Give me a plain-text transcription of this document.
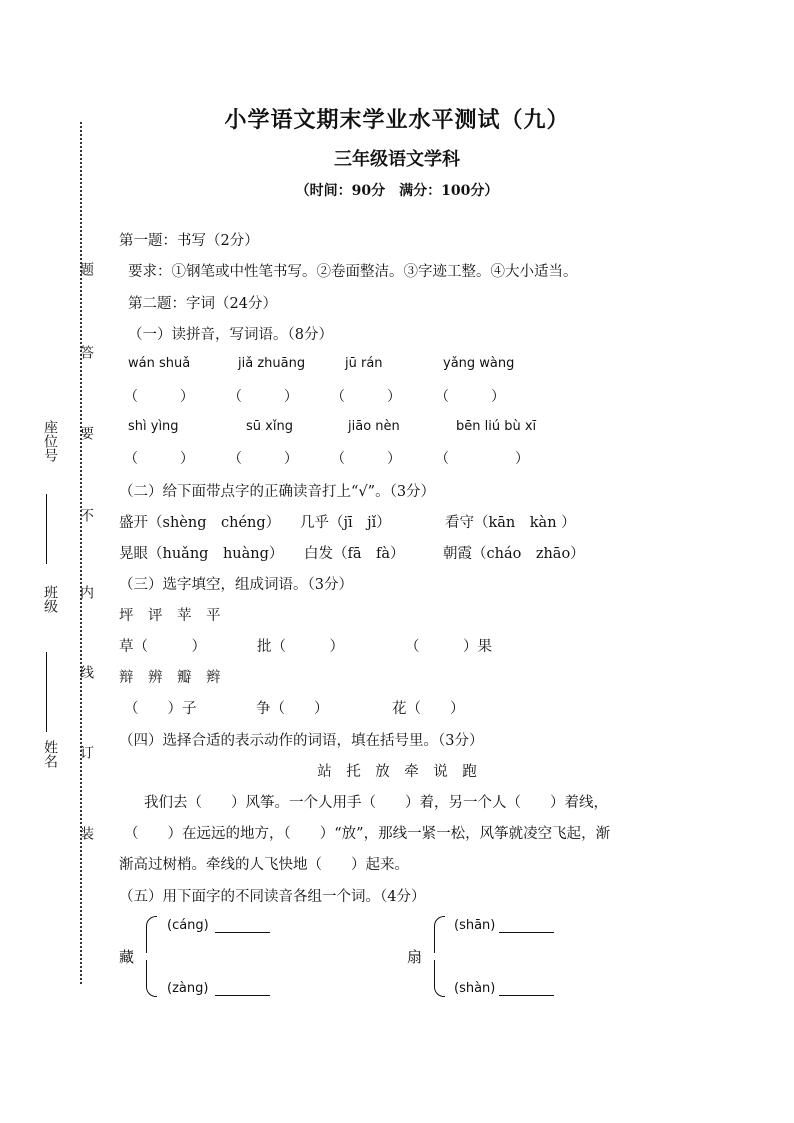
座位号
班级
姓名
题
答
要
不
内
线
订
装
小学语文期末学业水平测试（九）
三年级语文学科
（时间：90分　满分：100分）
第一题：书写（2分）
要求：①钢笔或中性笔书写。②卷面整洁。③字迹工整。④大小适当。
第二题：字词（24分）
（一）读拼音，写词语。（8分）
wán shuǎ	jiǎ zhuāng	jū rán	yǎng wàng
（　　　） （　　　） （　　　） （　　　）
shì yìng	sū xǐng	jiāo nèn	bēn liú bù xī
（　　　） （　　　） （　　　） （	）
（二）给下面带点字的正确读音打上“√”。（3分）
盛开（shèng　chéng） 几乎（jī　jǐ）	看守（kān　kàn ）
晃眼（huǎng　huàng） 白发（fā　fà）	朝霞（cháo　zhāo）
（三）选字填空，组成词语。（3分）
坪　评　苹　平
草（　　　）	批（　　　）	（　　　）果
辩　辨　瓣　辫
（　　）子	争（　　）	花（　　）
（四）选择合适的表示动作的词语，填在括号里。（3分）
站　托　放　牵　说　跑
我们去（　　）风筝。一个人用手（　　）着，另一个人（　　）着线，
（　　）在远远的地方，（　　）“放”，那线一紧一松，风筝就凌空飞起，渐
渐高过树梢。牵线的人飞快地（　　）起来。
（五）用下面字的不同读音各组一个词。（4分）
藏
(cáng)
(zàng)
扇
(shān)
(shàn)
